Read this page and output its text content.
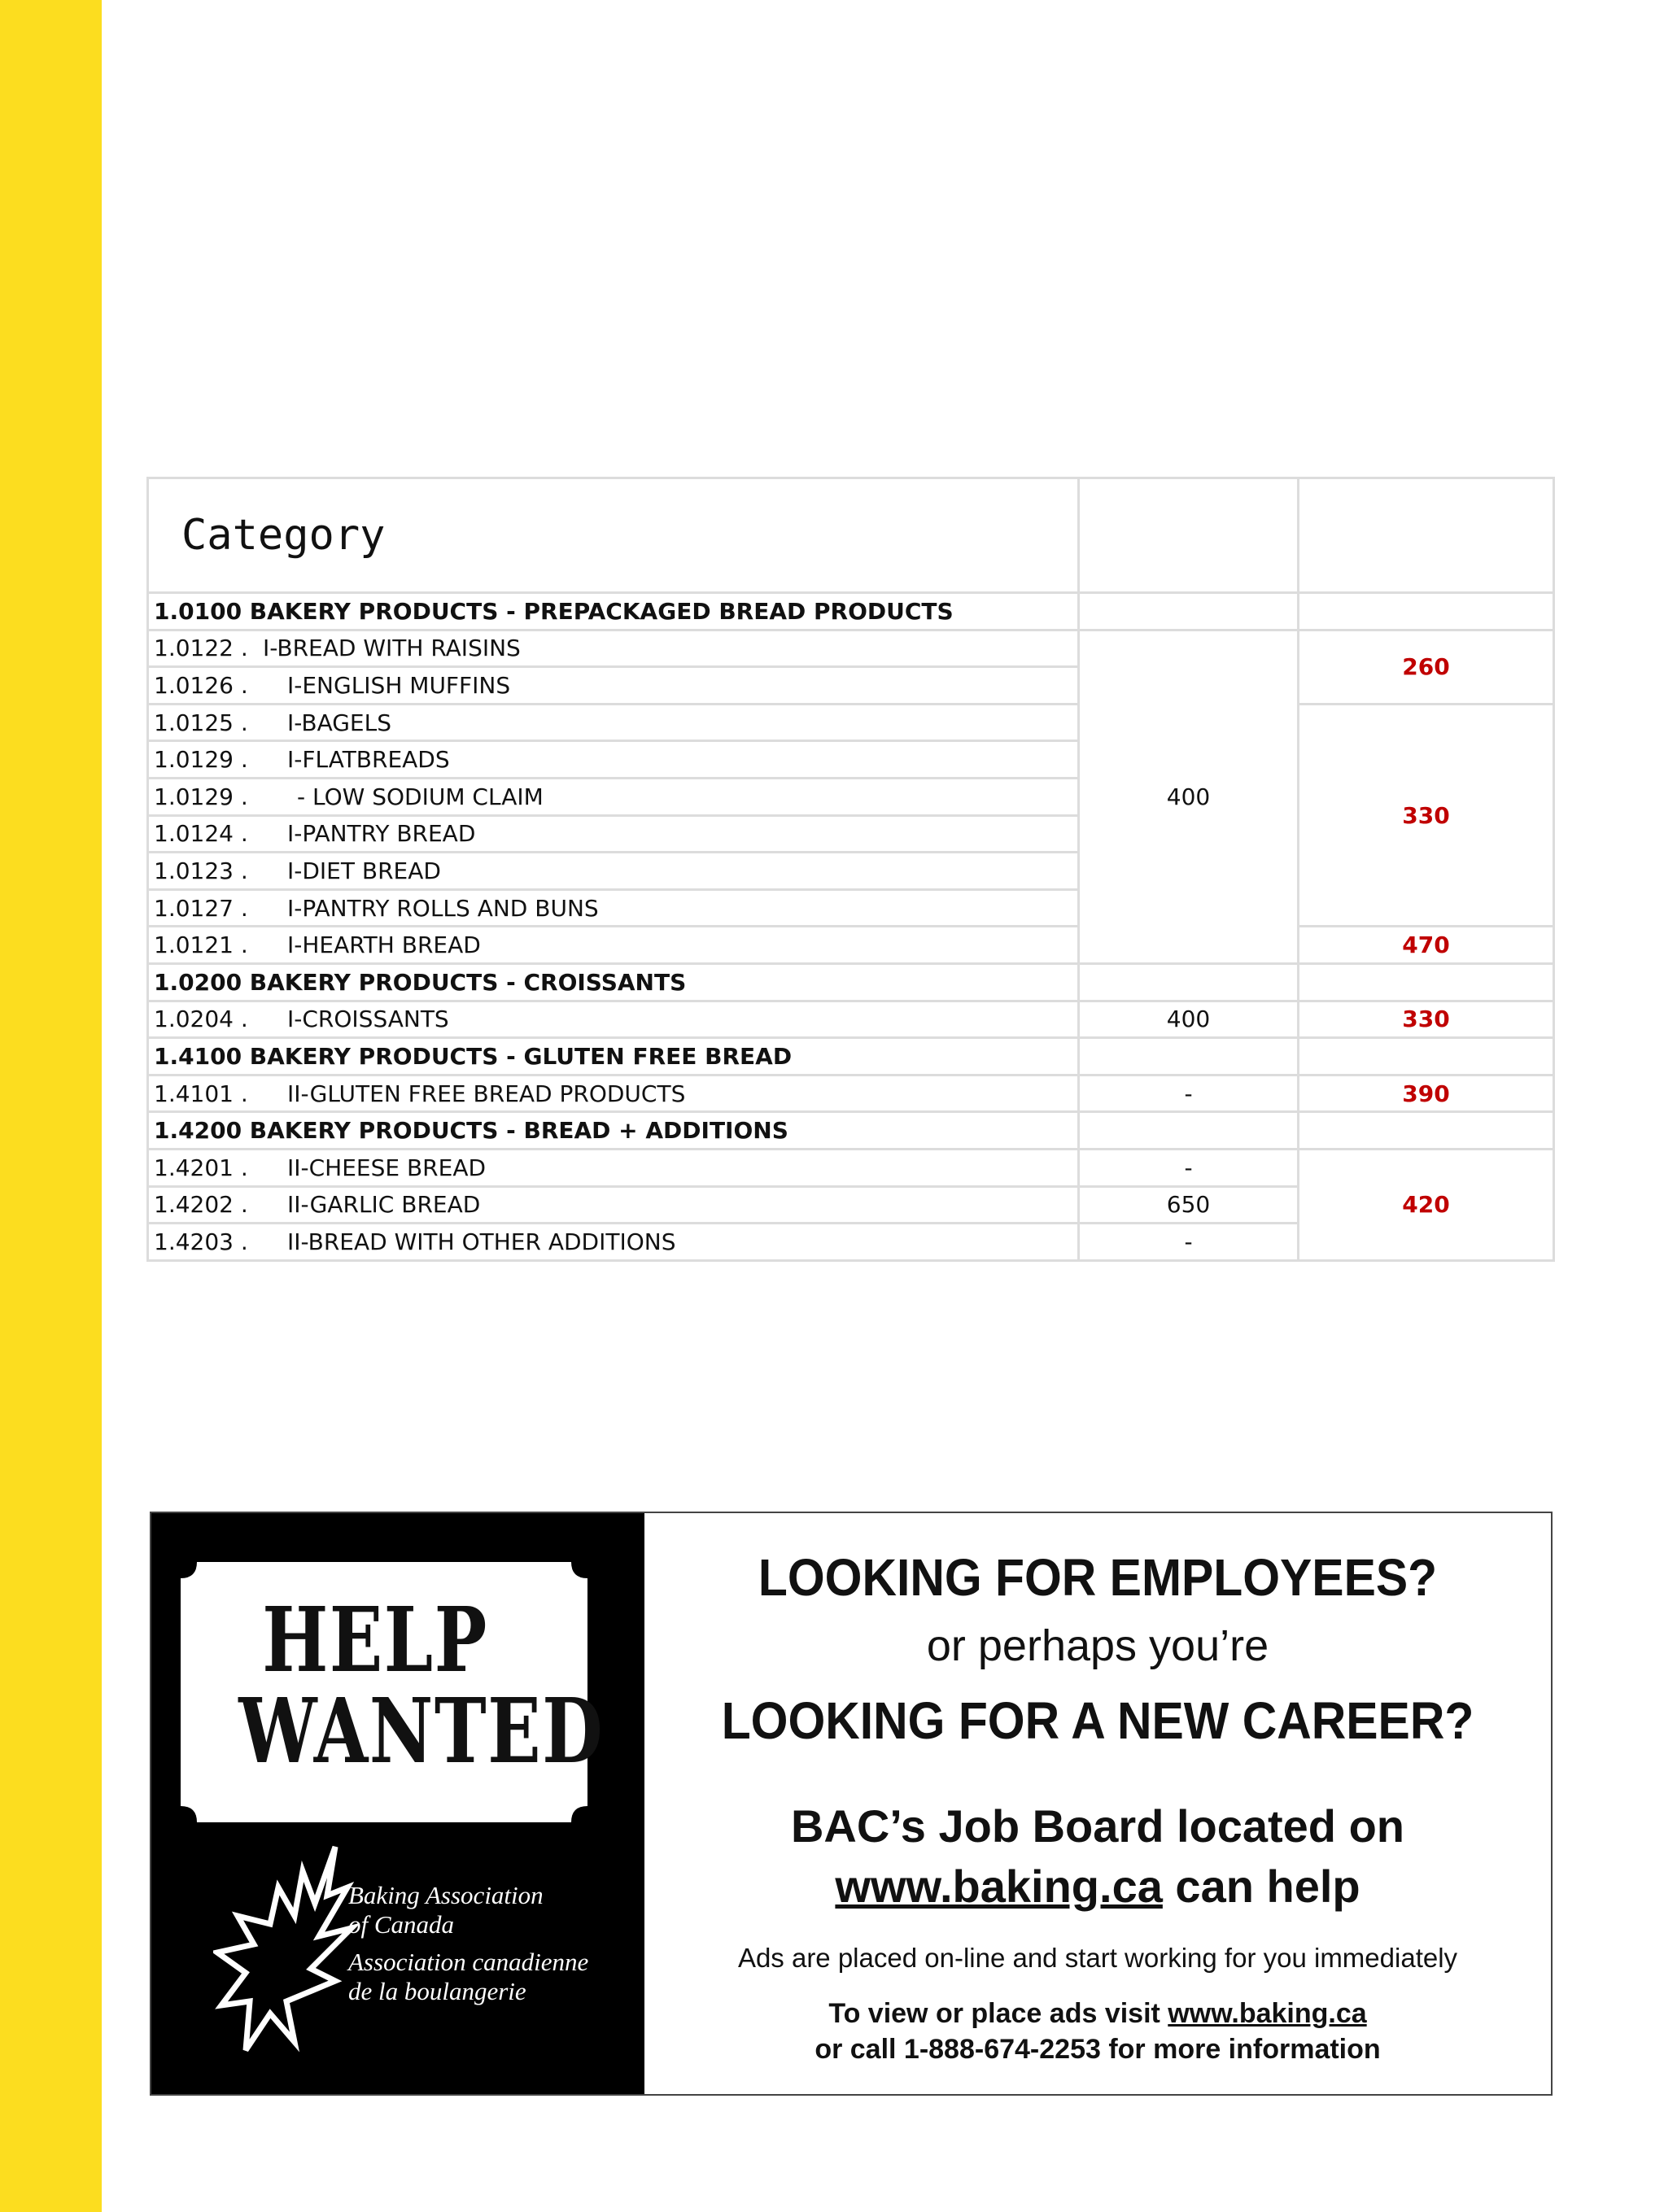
Category		
1.0100 BAKERY PRODUCTS - PREPACKAGED BREAD PRODUCTS		
1.0122 . I-BREAD WITH RAISINS	400	260
1.0126 . I-ENGLISH MUFFINS		
1.0125 . I-BAGELS		330
1.0129 . I-FLATBREADS		
1.0129 . - LOW SODIUM CLAIM		
1.0124 . I-PANTRY BREAD		
1.0123 . I-DIET BREAD		
1.0127 . I-PANTRY ROLLS AND BUNS		
1.0121 . I-HEARTH BREAD		470
1.0200 BAKERY PRODUCTS - CROISSANTS		
1.0204 . I-CROISSANTS	400	330
1.4100 BAKERY PRODUCTS - GLUTEN FREE BREAD		
1.4101 . II-GLUTEN FREE BREAD PRODUCTS	-	390
1.4200 BAKERY PRODUCTS - BREAD + ADDITIONS		
1.4201 . II-CHEESE BREAD	-	420
1.4202 . II-GARLIC BREAD	650	
1.4203 . II-BREAD WITH OTHER ADDITIONS	-	
HELP
WANTED
Baking Association
of Canada
Association canadienne
de la boulangerie
LOOKING FOR EMPLOYEES?
or perhaps you’re
LOOKING FOR A NEW CAREER?
BAC’s Job Board located on
www.baking.ca can help
Ads are placed on-line and start working for you immediately
To view or place ads visit www.baking.ca
or call 1-888-674-2253 for more information
